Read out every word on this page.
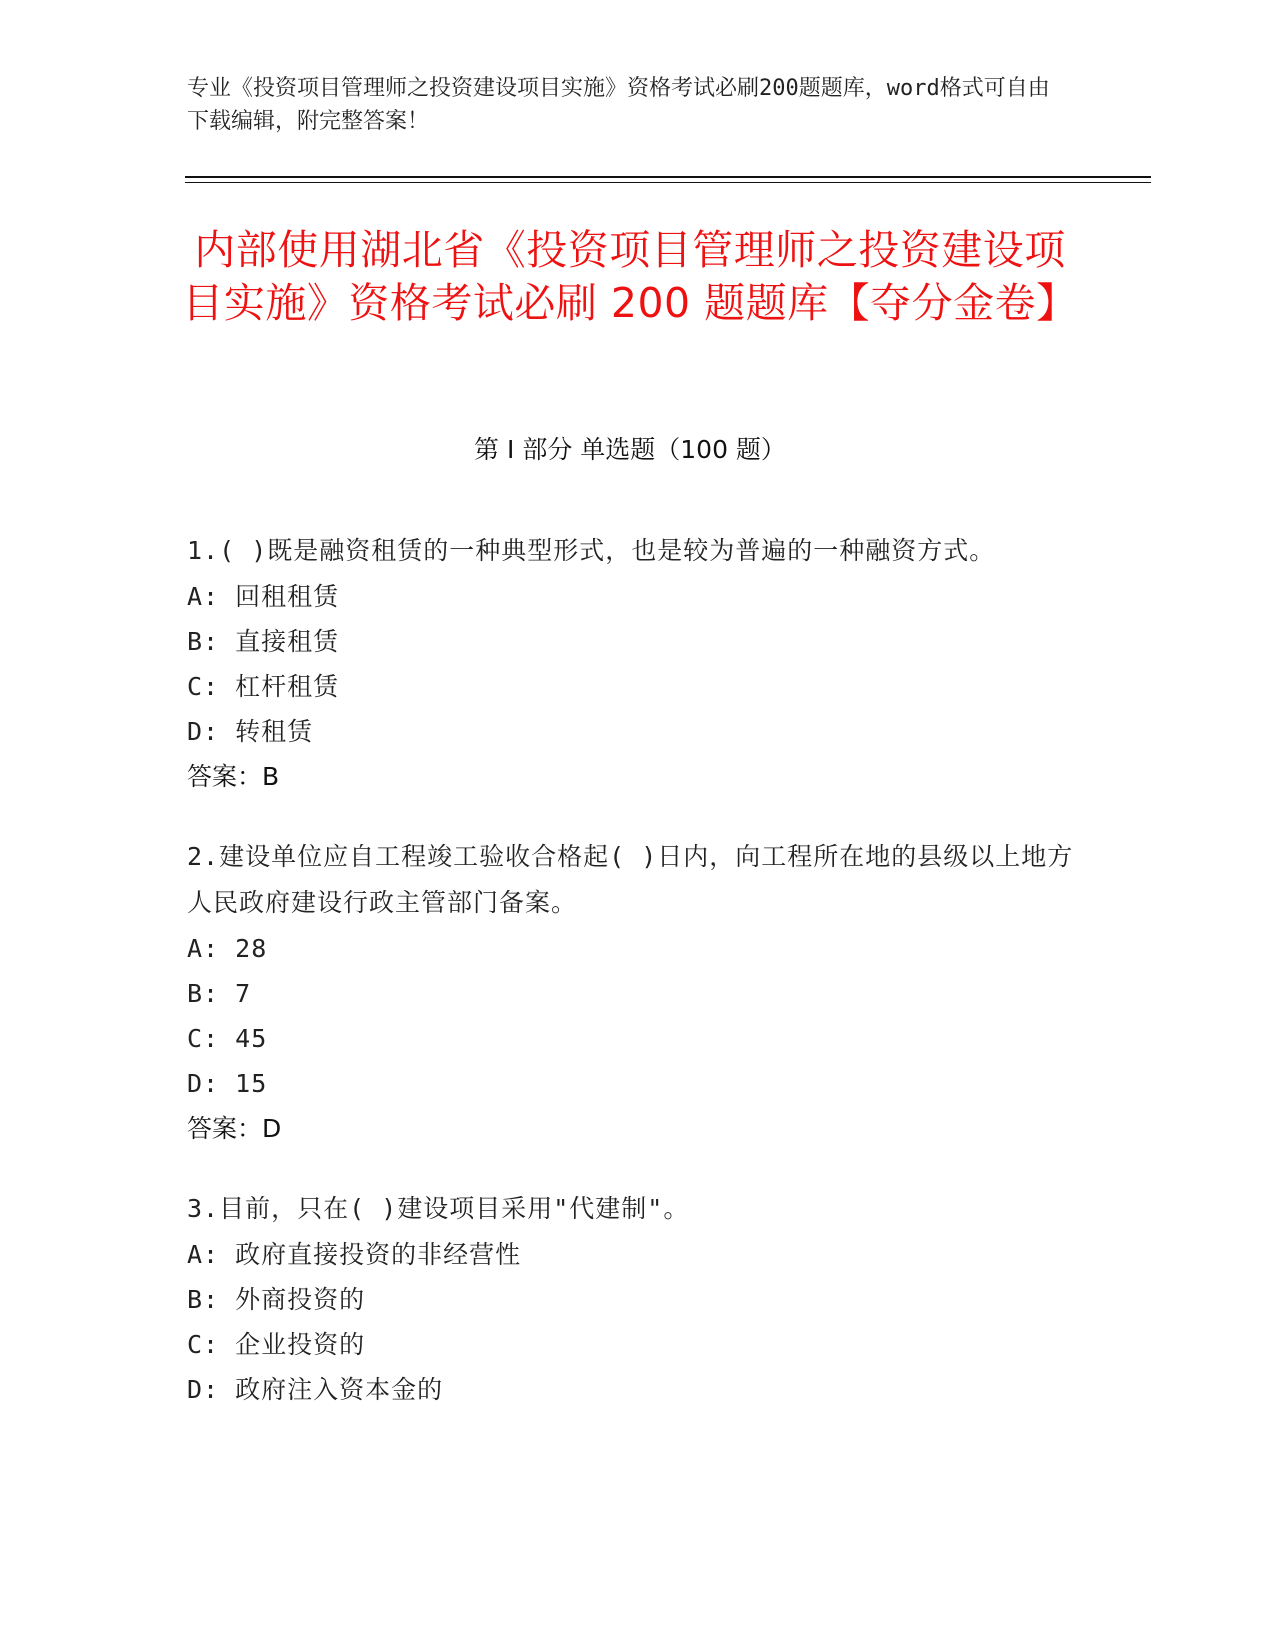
专业《投资项目管理师之投资建设项目实施》资格考试必刷200题题库，word格式可自由下载编辑，附完整答案！
内部使用湖北省《投资项目管理师之投资建设项目实施》资格考试必刷 200 题题库【夺分金卷】
第 I 部分 单选题（100 题）
1.( )既是融资租赁的一种典型形式，也是较为普遍的一种融资方式。
A: 回租租赁
B: 直接租赁
C: 杠杆租赁
D: 转租赁
答案：B
2.建设单位应自工程竣工验收合格起( )日内，向工程所在地的县级以上地方人民政府建设行政主管部门备案。
A: 28
B: 7
C: 45
D: 15
答案：D
3.目前，只在( )建设项目采用"代建制"。
A: 政府直接投资的非经营性
B: 外商投资的
C: 企业投资的
D: 政府注入资本金的
